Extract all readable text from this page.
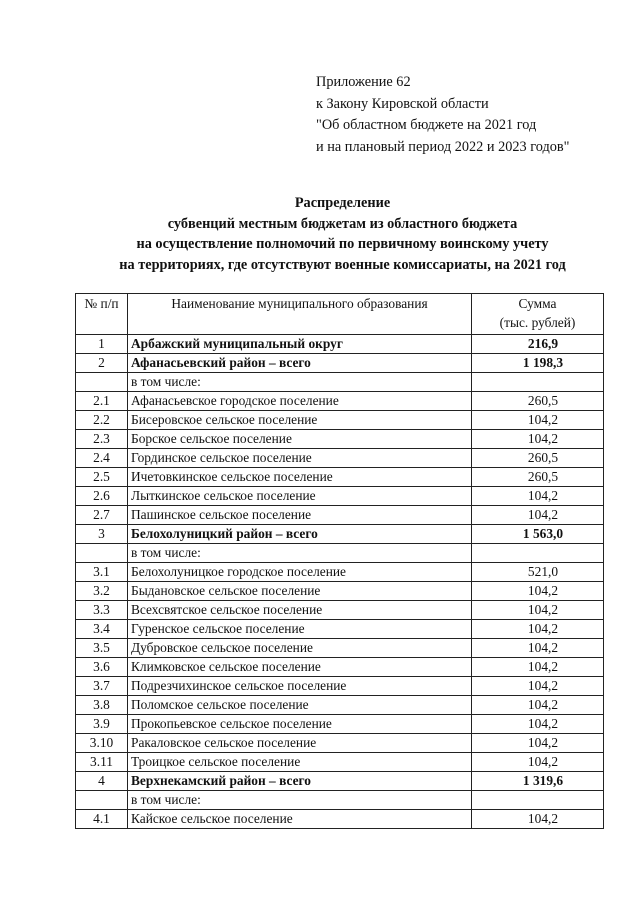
Приложение 62
к Закону Кировской области
"Об областном бюджете на 2021 год
и на плановый период 2022 и 2023 годов"
Распределение
субвенций местным бюджетам из областного бюджета
на осуществление полномочий по первичному воинскому учету
на территориях, где отсутствуют военные комиссариаты, на 2021 год
№ п/п	Наименование муниципального образования	Сумма
(тыс. рублей)
1	Арбажский муниципальный округ	216,9
2	Афанасьевский район – всего	1 198,3
	в том числе:	
2.1	Афанасьевское городское поселение	260,5
2.2	Бисеровское сельское поселение	104,2
2.3	Борское сельское поселение	104,2
2.4	Гординское сельское поселение	260,5
2.5	Ичетовкинское сельское поселение	260,5
2.6	Лыткинское сельское поселение	104,2
2.7	Пашинское сельское поселение	104,2
3	Белохолуницкий район – всего	1 563,0
	в том числе:	
3.1	Белохолуницкое городское поселение	521,0
3.2	Быдановское сельское поселение	104,2
3.3	Всехсвятское сельское поселение	104,2
3.4	Гуренское сельское поселение	104,2
3.5	Дубровское сельское поселение	104,2
3.6	Климковское сельское поселение	104,2
3.7	Подрезчихинское сельское поселение	104,2
3.8	Поломское сельское поселение	104,2
3.9	Прокопьевское сельское поселение	104,2
3.10	Ракаловское сельское поселение	104,2
3.11	Троицкое сельское поселение	104,2
4	Верхнекамский район – всего	1 319,6
	в том числе:	
4.1	Кайское сельское поселение	104,2
